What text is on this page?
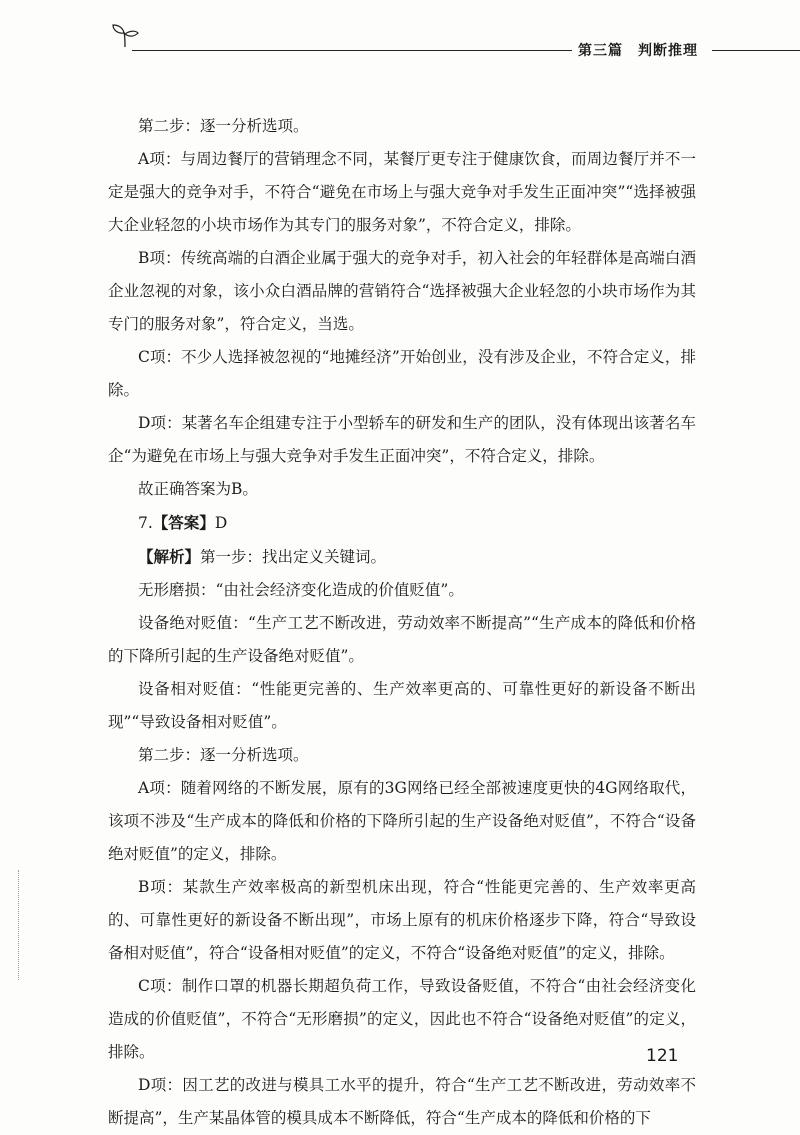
第三篇　判断推理

第二步：逐一分析选项。

A项：与周边餐厅的营销理念不同，某餐厅更专注于健康饮食，而周边餐厅并不一定是强大的竞争对手，不符合“避免在市场上与强大竞争对手发生正面冲突”“选择被强大企业轻忽的小块市场作为其专门的服务对象”，不符合定义，排除。

B项：传统高端的白酒企业属于强大的竞争对手，初入社会的年轻群体是高端白酒企业忽视的对象，该小众白酒品牌的营销符合“选择被强大企业轻忽的小块市场作为其专门的服务对象”，符合定义，当选。

C项：不少人选择被忽视的“地摊经济”开始创业，没有涉及企业，不符合定义，排除。

D项：某著名车企组建专注于小型轿车的研发和生产的团队，没有体现出该著名车企“为避免在市场上与强大竞争对手发生正面冲突”，不符合定义，排除。

故正确答案为B。

7.【答案】D

【解析】第一步：找出定义关键词。

无形磨损：“由社会经济变化造成的价值贬值”。

设备绝对贬值：“生产工艺不断改进，劳动效率不断提高”“生产成本的降低和价格的下降所引起的生产设备绝对贬值”。

设备相对贬值：“性能更完善的、生产效率更高的、可靠性更好的新设备不断出现”“导致设备相对贬值”。

第二步：逐一分析选项。

A项：随着网络的不断发展，原有的3G网络已经全部被速度更快的4G网络取代，该项不涉及“生产成本的降低和价格的下降所引起的生产设备绝对贬值”，不符合“设备绝对贬值”的定义，排除。

B项：某款生产效率极高的新型机床出现，符合“性能更完善的、生产效率更高的、可靠性更好的新设备不断出现”，市场上原有的机床价格逐步下降，符合“导致设备相对贬值”，符合“设备相对贬值”的定义，不符合“设备绝对贬值”的定义，排除。

C项：制作口罩的机器长期超负荷工作，导致设备贬值，不符合“由社会经济变化造成的价值贬值”，不符合“无形磨损”的定义，因此也不符合“设备绝对贬值”的定义，排除。

D项：因工艺的改进与模具工水平的提升，符合“生产工艺不断改进，劳动效率不断提高”，生产某晶体管的模具成本不断降低，符合“生产成本的降低和价格的下

121
